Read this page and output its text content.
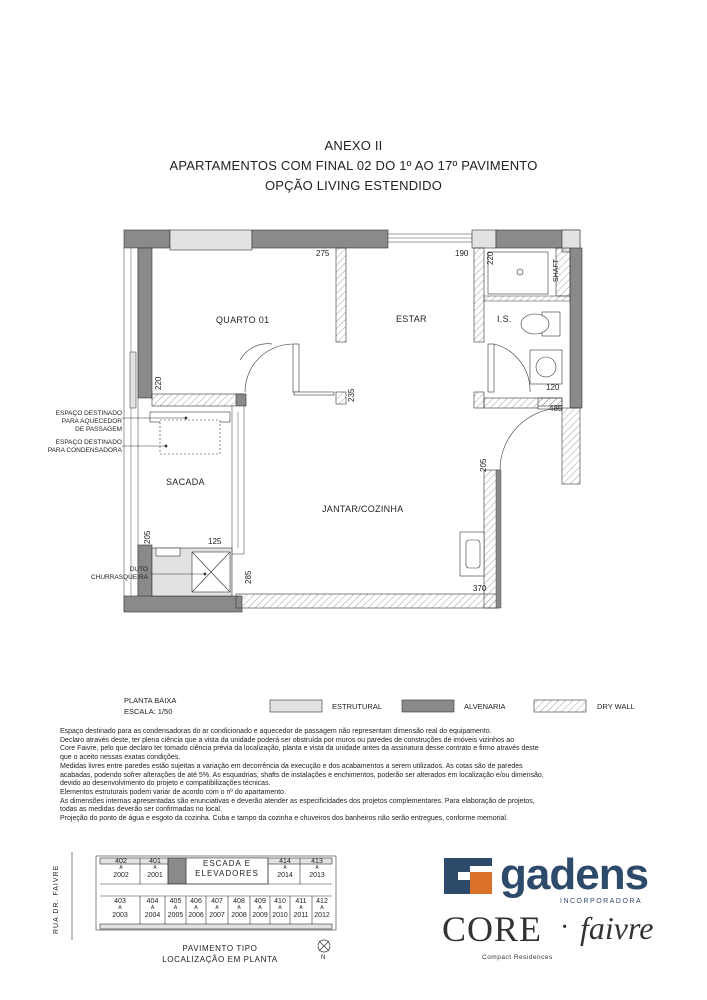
ANEXO II
APARTAMENTOS COM FINAL 02 DO 1º AO 17º PAVIMENTO
OPÇÃO LIVING ESTENDIDO
QUARTO 01	ESTAR	I.S.
SACADA
JANTAR/COZINHA
SHAFT
275	190 220
220
235
120
485
205
205	125
285
370
ESPAÇO DESTINADO
PARA AQUECEDOR
DE PASSAGEM
ESPAÇO DESTINADO
PARA CONDENSADORA
DUTO
CHURRASQUEIRA
PLANTA BAIXA
ESCALA: 1/50
ESTRUTURAL	ALVENARIA	DRY WALL
Espaço destinado para as condensadoras do ar condicionado e aquecedor de passagem não representam dimensão real do equipamento.
Declaro através deste, ter plena ciência que a vista da unidade poderá ser obstruída por muros ou paredes de construções de imóveis vizinhos ao
Core Faivre, pelo que declaro ter tomado ciência prévia da localização, planta e vista da unidade antes da assinatura desse contrato e firmo através deste
que o aceito nessas exatas condições.
Medidas livres entre paredes estão sujeitas a variação em decorrência da execução e dos acabamentos a serem utilizados. As cotas são de paredes
acabadas, podendo sofrer alterações de até 5%. As esquadrias, shafts de instalações e enchimentos, poderão ser alterados em localização e/ou dimensão,
devido ao desenvolvimento do projeto e compatibilizações técnicas.
Elementos estruturais podem variar de acordo com o nº do apartamento.
As dimensões internas apresentadas são enunciativas e deverão atender as especificidades dos projetos complementares. Para elaboração de projetos,
todas as medidas deverão ser confirmadas no local.
Projeção do ponto de água e esgoto da cozinha. Cuba e tampo da cozinha e chuveiros dos banheiros não serão entregues, conforme memorial.
RUA DR. FAIVRE
ESCADA E
ELEVADORES
402
A
2002
401
A
2001
414
A
2014
413
A
2013
403
A
2003
404
A
2004
405
A
2005
406
A
2006
407
A
2007
408
A
2008
409
A
2009
410
A
2010
411
A
2011
412
A
2012
PAVIMENTO TIPO
LOCALIZAÇÃO EM PLANTA	N
gadens
INCORPORADORA
CORE · faivre
Compact Residences
